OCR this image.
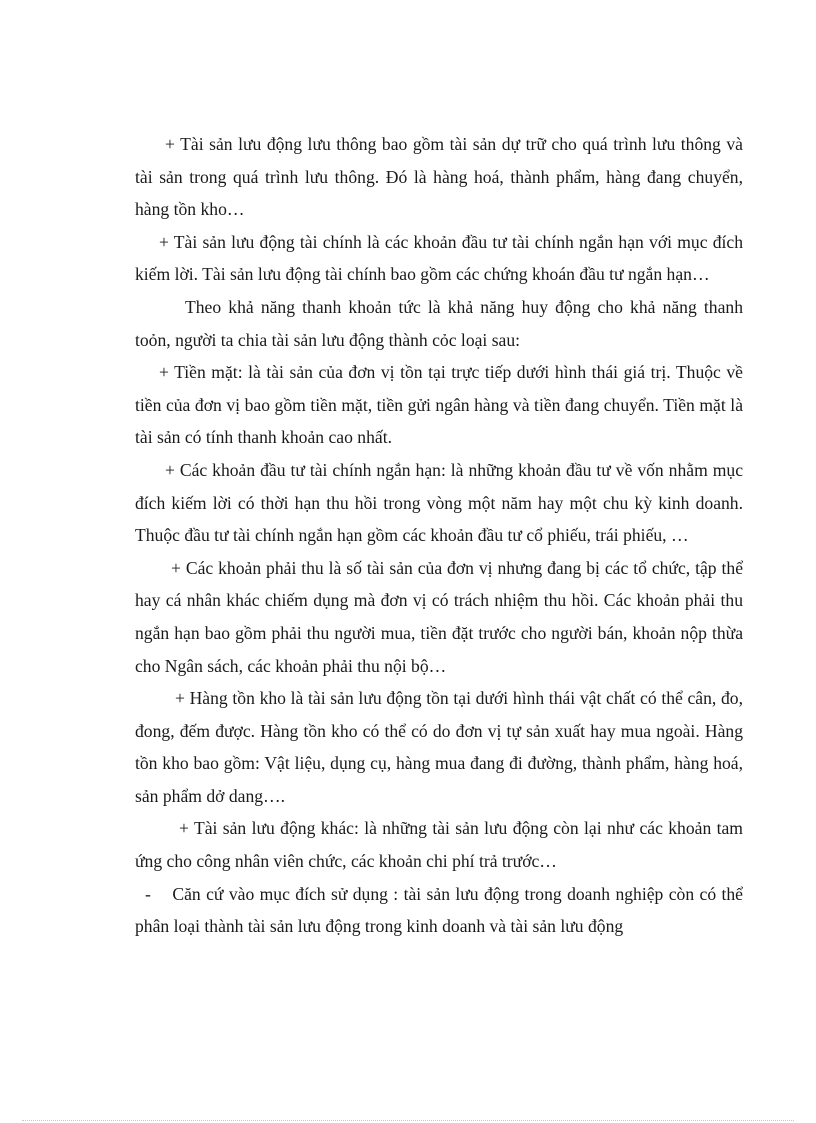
+ Tài sản lưu động lưu thông bao gồm tài sản dự trữ cho quá trình lưu thông và tài sản trong quá trình lưu thông. Đó là hàng hoá, thành phẩm, hàng đang chuyển, hàng tồn kho…

+ Tài sản lưu động tài chính là các khoản đầu tư tài chính ngắn hạn với mục đích kiếm lời. Tài sản lưu động tài chính bao gồm các chứng khoán đầu tư ngắn hạn…

Theo khả năng thanh khoản tức là khả năng huy động cho khả năng thanh toỏn, người ta chia tài sản lưu động thành cỏc loại sau:

+ Tiền mặt: là tài sản của đơn vị tồn tại trực tiếp dưới hình thái giá trị. Thuộc về tiền của đơn vị bao gồm tiền mặt, tiền gửi ngân hàng và tiền đang chuyển. Tiền mặt là tài sản có tính thanh khoản cao nhất.

+ Các khoản đầu tư tài chính ngắn hạn: là những khoản đầu tư về vốn nhằm mục đích kiếm lời có thời hạn thu hồi trong vòng một năm hay một chu kỳ kinh doanh. Thuộc đầu tư tài chính ngắn hạn gồm các khoản đầu tư cổ phiếu, trái phiếu, …

+ Các khoản phải thu là số tài sản của đơn vị nhưng đang bị các tổ chức, tập thể hay cá nhân khác chiếm dụng mà đơn vị có trách nhiệm thu hồi. Các khoản phải thu ngắn hạn bao gồm phải thu người mua, tiền đặt trước cho người bán, khoản nộp thừa cho Ngân sách, các khoản phải thu nội bộ…

+ Hàng tồn kho là tài sản lưu động tồn tại dưới hình thái vật chất có thể cân, đo, đong, đếm được. Hàng tồn kho có thể có do đơn vị tự sản xuất hay mua ngoài. Hàng tồn kho bao gồm: Vật liệu, dụng cụ, hàng mua đang đi đường, thành phẩm, hàng hoá, sản phẩm dở dang….

+ Tài sản lưu động khác: là những tài sản lưu động còn lại như các khoản tam ứng cho công nhân viên chức, các khoản chi phí trả trước…

-    Căn cứ vào mục đích sử dụng : tài sản lưu động trong doanh nghiệp còn có thể phân loại thành tài sản lưu động trong kinh doanh và tài sản lưu động
